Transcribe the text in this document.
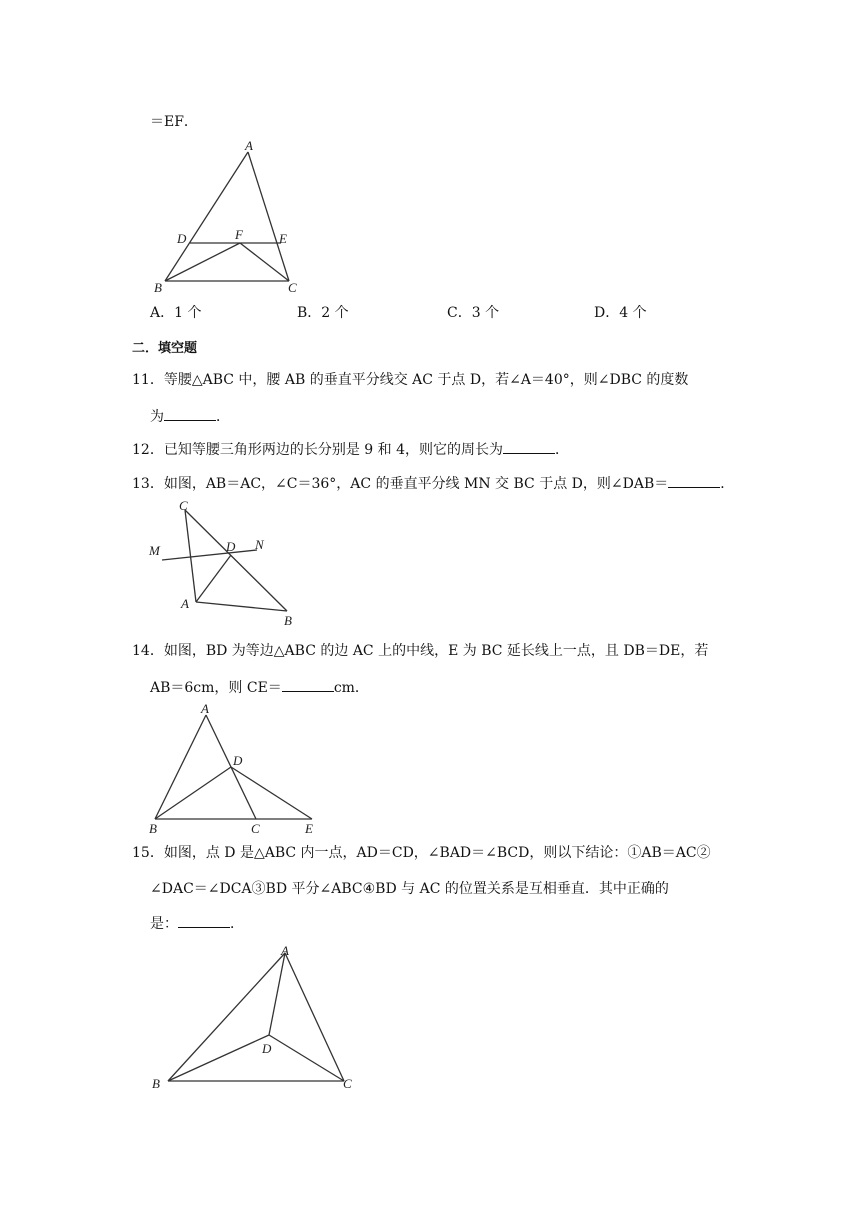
＝EF．
A
B	C
D	E
F
A．1 个	B．2 个	C．3 个	D．4 个
二．填空题
11．等腰△ABC 中，腰 AB 的垂直平分线交 AC 于点 D，若∠A＝40°，则∠DBC 的度数
为	．
12．已知等腰三角形两边的长分别是 9 和 4，则它的周长为	．
13．如图，AB＝AC，∠C＝36°，AC 的垂直平分线 MN 交 BC 于点 D，则∠DAB＝	．
C
A
B
D
M	N
14．如图，BD 为等边△ABC 的边 AC 上的中线，E 为 BC 延长线上一点，且 DB＝DE，若
AB＝6cm，则 CE＝	cm．
A
B	C
D
E
15．如图，点 D 是△ABC 内一点，AD＝CD，∠BAD＝∠BCD，则以下结论：①AB＝AC②
∠DAC＝∠DCA③BD 平分∠ABC④BD 与 AC 的位置关系是互相垂直．其中正确的
是：	．
A
B	C
D
